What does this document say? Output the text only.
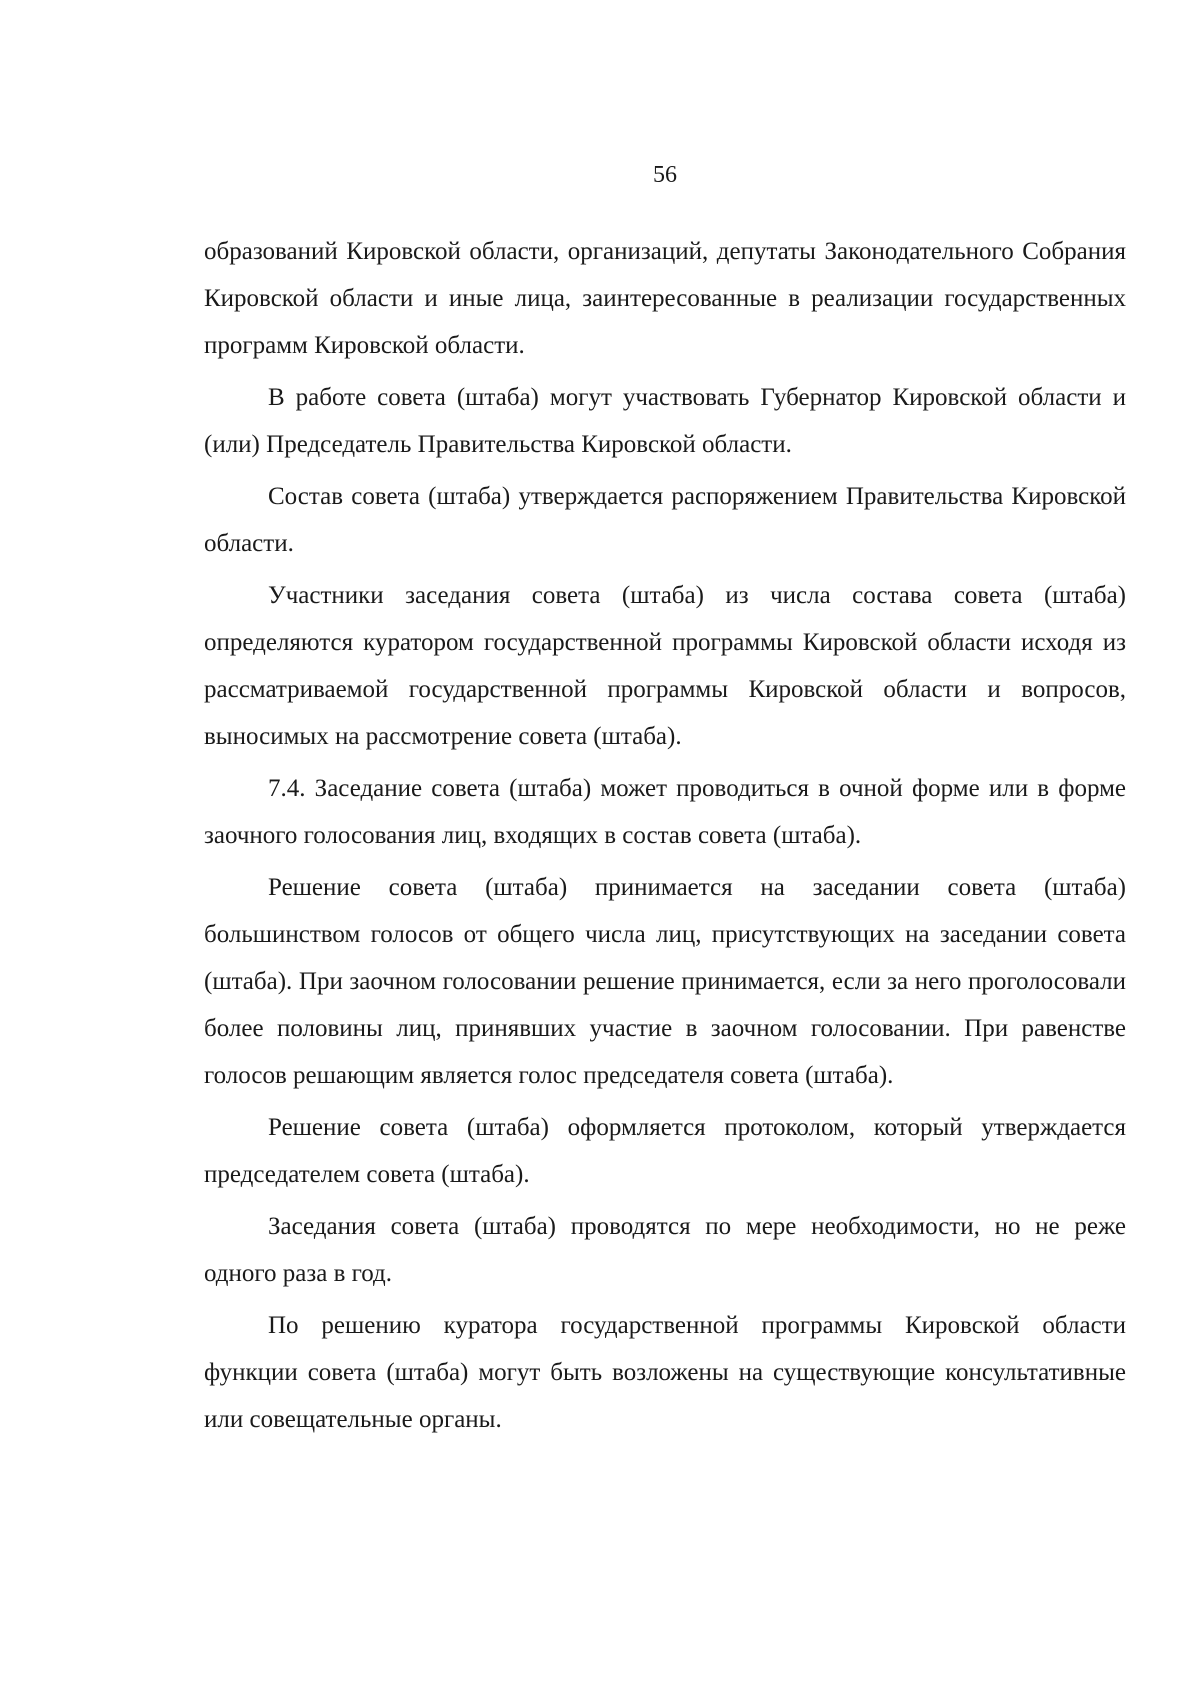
56

образований Кировской области, организаций, депутаты Законодательного Собрания Кировской области и иные лица, заинтересованные в реализации государственных программ Кировской области.

В работе совета (штаба) могут участвовать Губернатор Кировской области и (или) Председатель Правительства Кировской области.

Состав совета (штаба) утверждается распоряжением Правительства Кировской области.

Участники заседания совета (штаба) из числа состава совета (штаба) определяются куратором государственной программы Кировской области исходя из рассматриваемой государственной программы Кировской области и вопросов, выносимых на рассмотрение совета (штаба).

7.4. Заседание совета (штаба) может проводиться в очной форме или в форме заочного голосования лиц, входящих в состав совета (штаба).

Решение совета (штаба) принимается на заседании совета (штаба) большинством голосов от общего числа лиц, присутствующих на заседании совета (штаба). При заочном голосовании решение принимается, если за него проголосовали более половины лиц, принявших участие в заочном голосовании. При равенстве голосов решающим является голос председателя совета (штаба).

Решение совета (штаба) оформляется протоколом, который утверждается председателем совета (штаба).

Заседания совета (штаба) проводятся по мере необходимости, но не реже одного раза в год.

По решению куратора государственной программы Кировской области функции совета (штаба) могут быть возложены на существующие консультативные или совещательные органы.
